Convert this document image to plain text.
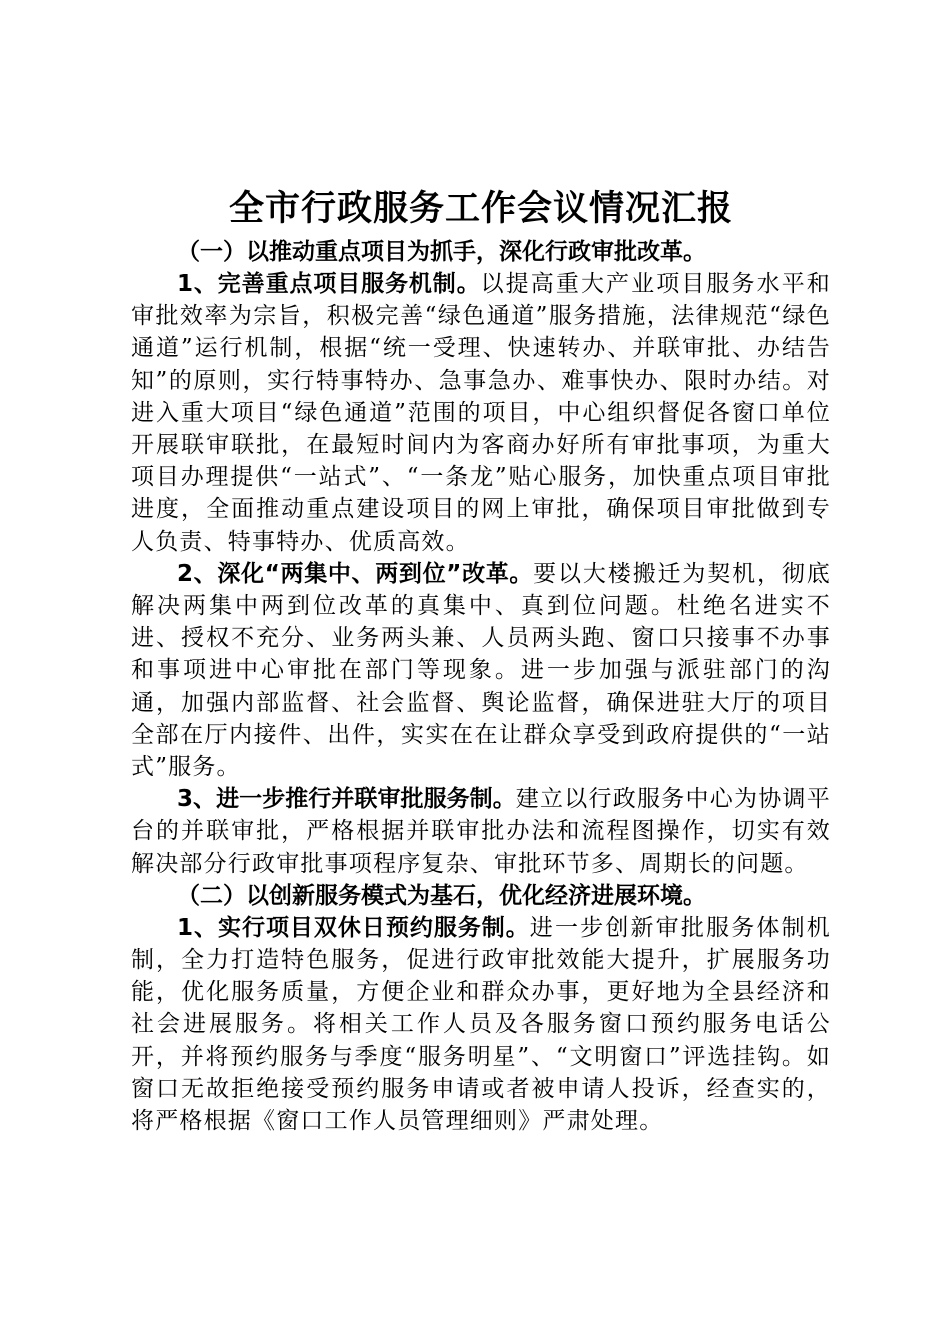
全市行政服务工作会议情况汇报
（一）以推动重点项目为抓手，深化行政审批改革。

1、完善重点项目服务机制。以提高重大产业项目服务水平和审批效率为宗旨，积极完善“绿色通道”服务措施，法律规范“绿色通道”运行机制，根据“统一受理、快速转办、并联审批、办结告知”的原则，实行特事特办、急事急办、难事快办、限时办结。对进入重大项目“绿色通道”范围的项目，中心组织督促各窗口单位开展联审联批，在最短时间内为客商办好所有审批事项，为重大项目办理提供“一站式”、“一条龙”贴心服务，加快重点项目审批进度，全面推动重点建设项目的网上审批，确保项目审批做到专人负责、特事特办、优质高效。

2、深化“两集中、两到位”改革。要以大楼搬迁为契机，彻底解决两集中两到位改革的真集中、真到位问题。杜绝名进实不进、授权不充分、业务两头兼、人员两头跑、窗口只接事不办事和事项进中心审批在部门等现象。进一步加强与派驻部门的沟通，加强内部监督、社会监督、舆论监督，确保进驻大厅的项目全部在厅内接件、出件，实实在在让群众享受到政府提供的“一站式”服务。

3、进一步推行并联审批服务制。建立以行政服务中心为协调平台的并联审批，严格根据并联审批办法和流程图操作，切实有效解决部分行政审批事项程序复杂、审批环节多、周期长的问题。

（二）以创新服务模式为基石，优化经济进展环境。

1、实行项目双休日预约服务制。进一步创新审批服务体制机制，全力打造特色服务，促进行政审批效能大提升，扩展服务功能，优化服务质量，方便企业和群众办事，更好地为全县经济和社会进展服务。将相关工作人员及各服务窗口预约服务电话公开，并将预约服务与季度“服务明星”、“文明窗口”评选挂钩。如窗口无故拒绝接受预约服务申请或者被申请人投诉，经查实的，将严格根据《窗口工作人员管理细则》严肃处理。
